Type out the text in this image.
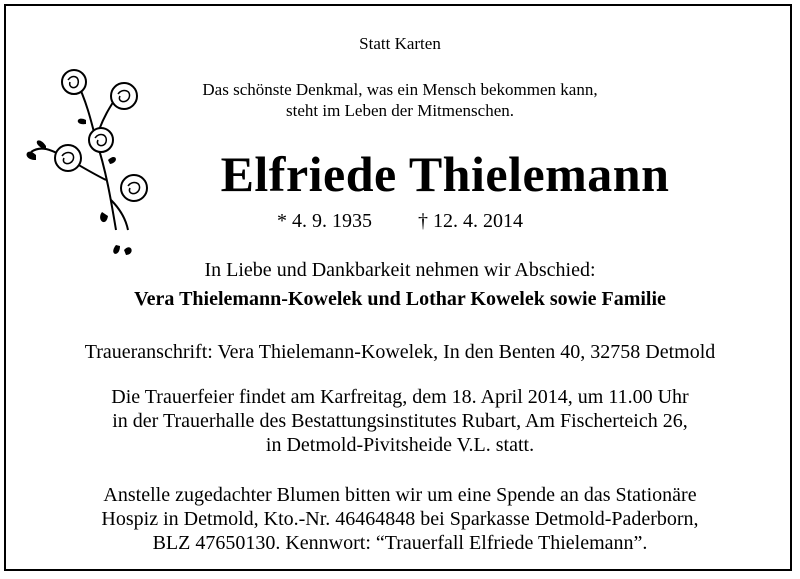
Statt Karten
Das schönste Denkmal, was ein Mensch bekommen kann,
steht im Leben der Mitmenschen.
Elfriede Thielemann
* 4. 9. 1935 † 12. 4. 2014
In Liebe und Dankbarkeit nehmen wir Abschied:
Vera Thielemann-Kowelek und Lothar Kowelek sowie Familie
Traueranschrift: Vera Thielemann-Kowelek, In den Benten 40, 32758 Detmold
Die Trauerfeier findet am Karfreitag, dem 18. April 2014, um 11.00 Uhr
in der Trauerhalle des Bestattungsinstitutes Rubart, Am Fischerteich 26,
in Detmold-Pivitsheide V.L. statt.
Anstelle zugedachter Blumen bitten wir um eine Spende an das Stationäre
Hospiz in Detmold, Kto.-Nr. 46464848 bei Sparkasse Detmold-Paderborn,
BLZ 47650130. Kennwort: “Trauerfall Elfriede Thielemann”.
